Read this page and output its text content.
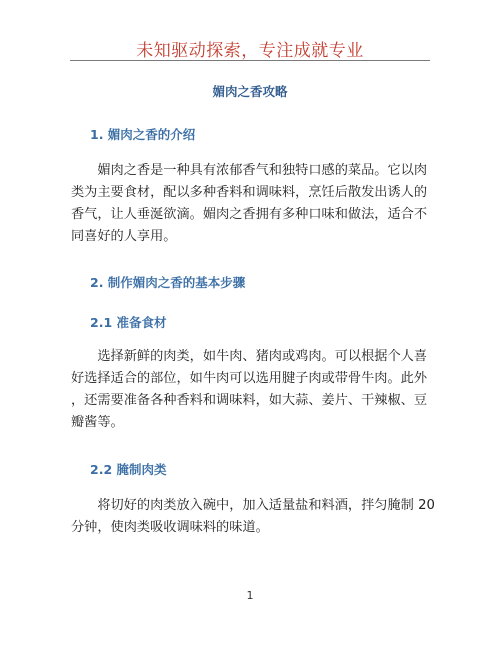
未知驱动探索，专注成就专业
媚肉之香攻略
1. 媚肉之香的介绍
　　媚肉之香是一种具有浓郁香气和独特口感的菜品。它以肉
类为主要食材，配以多种香料和调味料，烹饪后散发出诱人的
香气，让人垂涎欲滴。媚肉之香拥有多种口味和做法，适合不
同喜好的人享用。
2. 制作媚肉之香的基本步骤
2.1 准备食材
　　选择新鲜的肉类，如牛肉、猪肉或鸡肉。可以根据个人喜
好选择适合的部位，如牛肉可以选用腱子肉或带骨牛肉。此外
，还需要准备各种香料和调味料，如大蒜、姜片、干辣椒、豆
瓣酱等。
2.2 腌制肉类
　　将切好的肉类放入碗中，加入适量盐和料酒，拌匀腌制 20
分钟，使肉类吸收调味料的味道。
1
